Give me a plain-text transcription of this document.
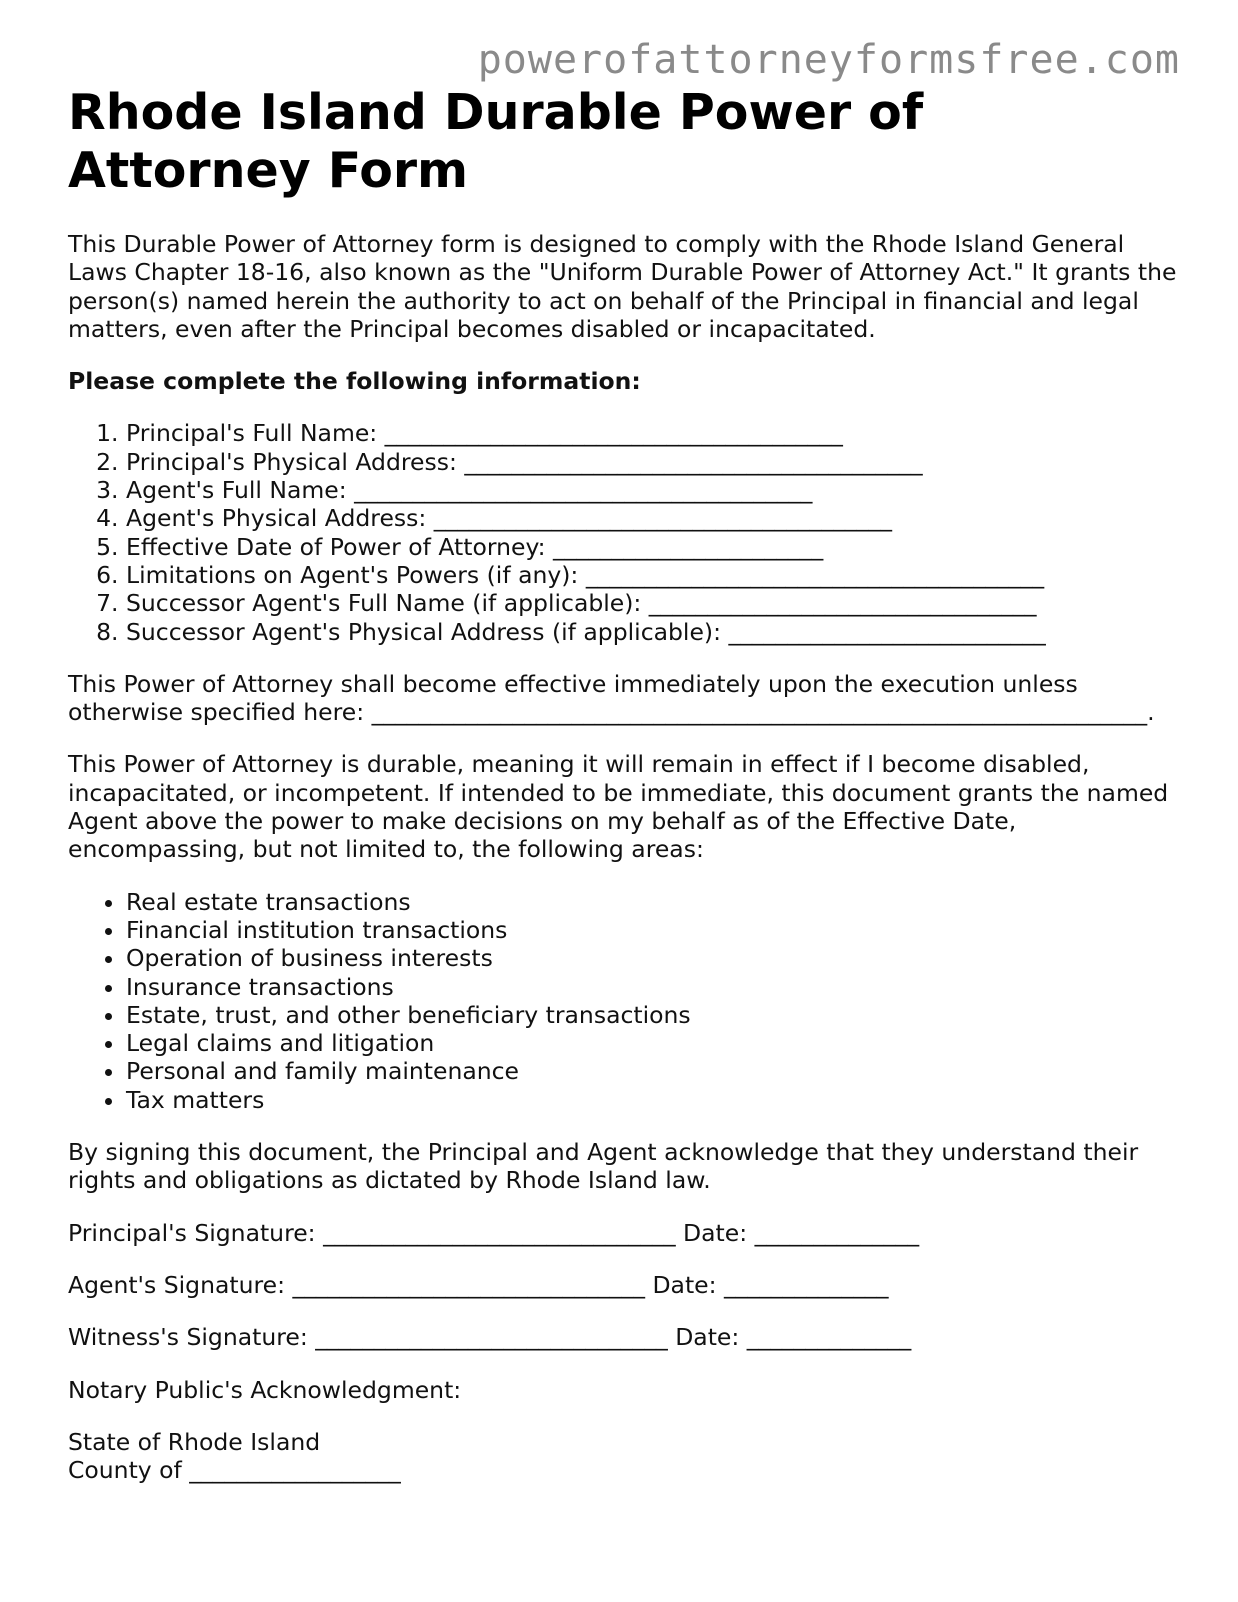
powerofattorneyformsfree.com
Rhode Island Durable Power of Attorney Form

This Durable Power of Attorney form is designed to comply with the Rhode Island General Laws Chapter 18-16, also known as the "Uniform Durable Power of Attorney Act." It grants the person(s) named herein the authority to act on behalf of the Principal in financial and legal matters, even after the Principal becomes disabled or incapacitated.

Please complete the following information:

1. Principal's Full Name: _______________________________________
2. Principal's Physical Address: _______________________________________
3. Agent's Full Name: _______________________________________
4. Agent's Physical Address: _______________________________________
5. Effective Date of Power of Attorney: _______________________
6. Limitations on Agent's Powers (if any): _______________________________________
7. Successor Agent's Full Name (if applicable): _________________________________
8. Successor Agent's Physical Address (if applicable): ___________________________

This Power of Attorney shall become effective immediately upon the execution unless otherwise specified here: __________________________________________________________________.

This Power of Attorney is durable, meaning it will remain in effect if I become disabled, incapacitated, or incompetent. If intended to be immediate, this document grants the named Agent above the power to make decisions on my behalf as of the Effective Date, encompassing, but not limited to, the following areas:

• Real estate transactions
• Financial institution transactions
• Operation of business interests
• Insurance transactions
• Estate, trust, and other beneficiary transactions
• Legal claims and litigation
• Personal and family maintenance
• Tax matters

By signing this document, the Principal and Agent acknowledge that they understand their rights and obligations as dictated by Rhode Island law.

Principal's Signature: ______________________________ Date: ______________
Agent's Signature: ______________________________ Date: ______________
Witness's Signature: ______________________________ Date: ______________
Notary Public's Acknowledgment:
State of Rhode Island
County of __________________
